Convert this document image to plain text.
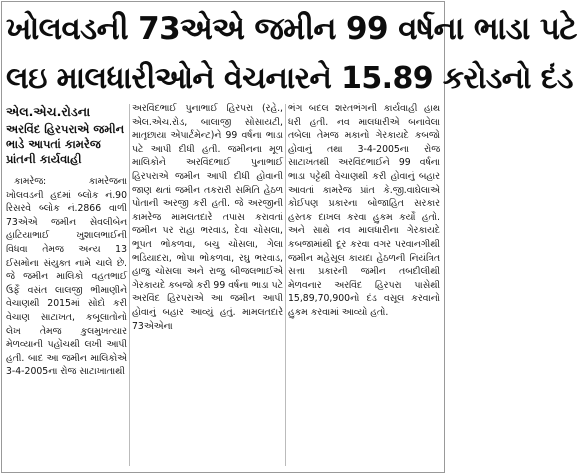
ખોલવડની 73એએ જમીન 99 વર્ષના ભાડા પટે
લઇ માલધારીઓને વેચનારને 15.89 કરોડનો દંડ
એલ.એચ.રોડના
અરવિંદ હિરપરાએ જમીન ભાડે આપતાં કામરેજ પ્રાંતની કાર્યવાહી
કામરેજ: કામરેજના ખોલવડની હદમાં બ્લોક નં.90 રિસરવે બ્લોક નં.2866 વાળી 73એએ જમીન સેવલીબેન હાટિયાભાઈ ખુશાલભાઈની વિધવા તેમજ અન્ય 13 ઈસમોના સંયુક્ત નામે ચાલે છે. જે જમીન માલિકો વહતભાઈ ઉર્ફે વસંત લાલજી ભીમાણીને વેચાણથી 2015માં સોદો કરી વેચાણ સાટાખત, કબૂલાતોનો લેખ તેમજ કુલમુખત્યાર મેળવ્યાની પહોંચથી લખી આપી હતી. બાદ આ જમીન માલિકોએ 3-4-2005ના રોજ સાટાખાતાથી
અરવિંદભાઈ પુનાભાઈ હિરપરા (રહે., એલ.એચ.રોડ, બાલાજી સોસાયટી, માતૃછાયા એપાર્ટમેન્ટ)ને 99 વર્ષના ભાડા પટે આપી દીધી હતી. જમીનના મૂળ માલિકોને અરવિંદભાઈ પુનાભાઈ હિરપરાએ જમીન આપી દીધી હોવાની જાણ થતાં જમીન તકરારી સમિતિ હેઠળ પોતાની અરજી કરી હતી. જે અરજીની કામરેજ મામલતદારે તપાસ કરાવતાં જમીન પર રાહા ભરવાડ, દેવા ચોસલા, ભૂપત ભોકળવા, બચુ ચોસલા, ગેલા ભડિયાદરા, ભોપા ભોકળવા, રઘુ ભરવાડ, હાજુ ચોસલા અને રાજુ બીજલભાઈએ ગેરકાયદે કબજો કરી 99 વર્ષના ભાડા પટે અરવિંદ હિરપરાએ આ જમીન આપી હોવાનું બહાર આવ્યું હતું. મામલતદારે 73એએના
ભંગ બદલ શરતભંગની કાર્યવાહી હાથ ધરી હતી. નવ માલધારીએ બનાવેલા તબેલા તેમજ મકાનો ગેરકાયદે કબજો હોવાનું તથા 3-4-2005ના રોજ સાટાખતથી અરવિંદભાઈને 99 વર્ષના ભાડા પટ્ટેથી વેચાણથી કરી હોવાનું બહાર આવતાં કામરેજ પ્રાંત કે.જી.વાઘેલાએ કોઈપણ પ્રકારના બોજાહિત સરકાર હસ્તક દાખલ કરવા હુકમ કર્યો હતો. અને સાથે નવ માલધારીના ગેરકાયદે કબજામાંથી દૂર કરવા વગર પરવાનગીથી જમીન મહેસૂલ કાયદા હેઠળની નિયંત્રિત સત્તા પ્રકારની જમીન તબદીલીથી મેળવનાર અરવિંદ હિરપરા પાસેથી 15,89,70,900નો દંડ વસૂલ કરવાનો હુકમ કરવામાં આવ્યો હતો.
